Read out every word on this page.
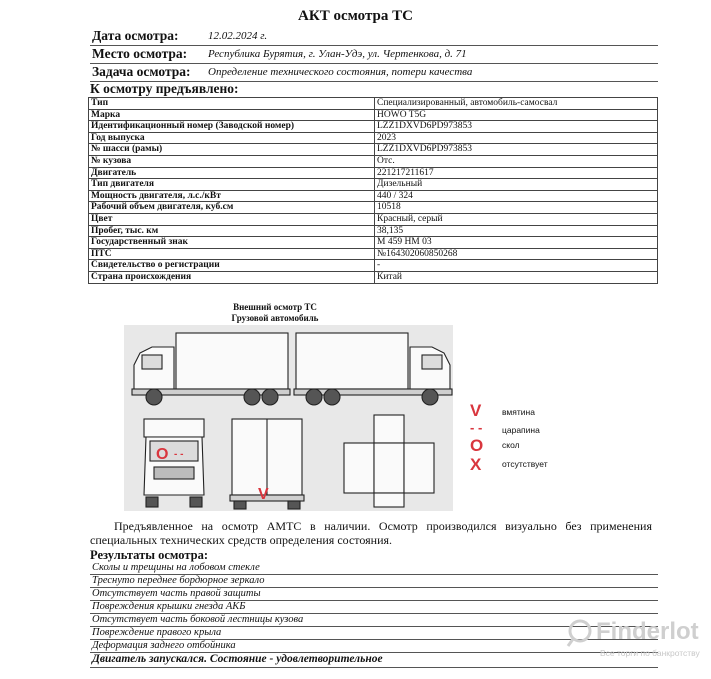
АКТ осмотра ТС
Дата осмотра:	12.02.2024 г.
Место осмотра: Республика Бурятия, г. Улан-Удэ, ул. Чертенкова, д. 71
Задача осмотра: Определение технического состояния, потери качества
К осмотру предъявлено:
Тип	Специализированный, автомобиль-самосвал
Марка	HOWO T5G
Идентификационный номер (Заводской номер)	LZZ1DXVD6PD973853
Год выпуска	2023
№ шасси (рамы)	LZZ1DXVD6PD973853
№ кузова	Отс.
Двигатель	221217211617
Тип двигателя	Дизельный
Мощность двигателя, л.с./кВт	440 / 324
Рабочий объем двигателя, куб.см	10518
Цвет	Красный, серый
Пробег, тыс. км	38,135
Государственный знак	М 459 НМ 03
ПТС	№164302060850268
Свидетельство о регистрации	-
Страна происхождения	Китай
Внешний осмотр ТС
Грузовой автомобиль
O - -
V
V вмятина
- - царапина
O скол
X отсутствует
Предъявленное на осмотр АМТС в наличии. Осмотр производился визуально без применения специальных технических средств определения состояния.
Результаты осмотра:
Сколы и трещины на лобовом стекле
Треснуто переднее бордюрное зеркало
Отсутствует часть правой защиты
Повреждения крышки гнезда АКБ
Отсутствует часть боковой лестницы кузова
Повреждение правого крыла
Деформация заднего отбойника
Двигатель запускался. Состояние - удовлетворительное
Finderlot
Все торги по банкротству
